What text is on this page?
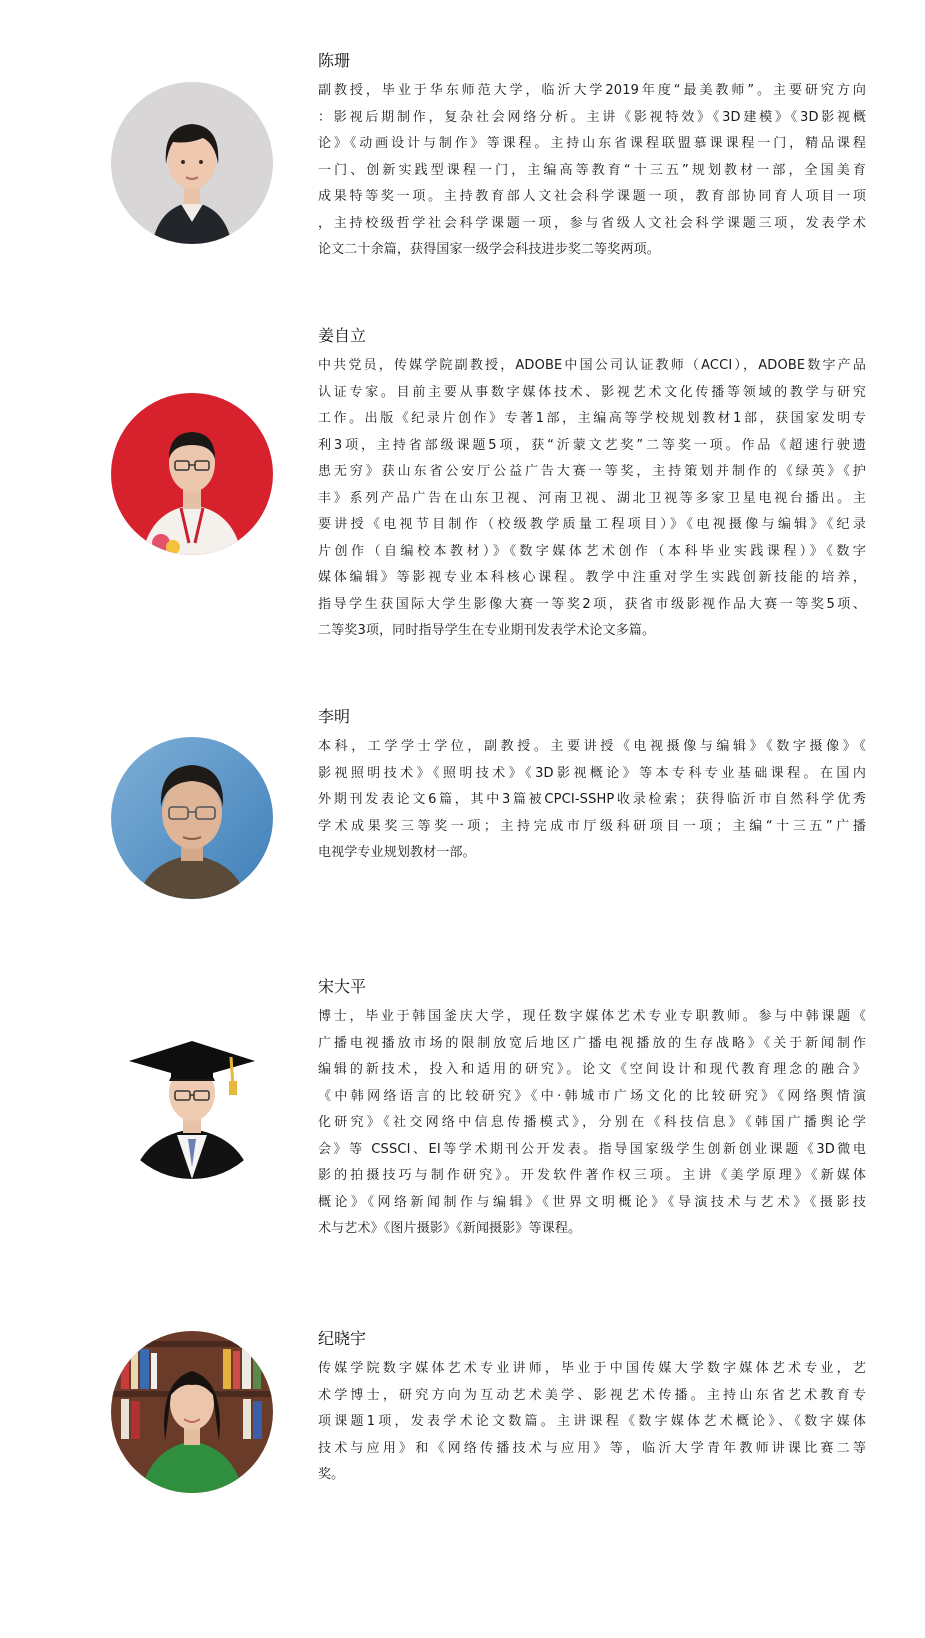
陈珊
副教授，毕业于华东师范大学，临沂大学2019年度“最美教师”。主要研究方向
：影视后期制作，复杂社会网络分析。主讲《影视特效》《3D建模》《3D影视概
论》《动画设计与制作》等课程。主持山东省课程联盟慕课课程一门，精品课程
一门、创新实践型课程一门，主编高等教育“十三五”规划教材一部，全国美育
成果特等奖一项。主持教育部人文社会科学课题一项，教育部协同育人项目一项
，主持校级哲学社会科学课题一项，参与省级人文社会科学课题三项，发表学术
论文二十余篇，获得国家一级学会科技进步奖二等奖两项。
姜自立
中共党员，传媒学院副教授，ADOBE中国公司认证教师（ACCI），ADOBE数字产品
认证专家。目前主要从事数字媒体技术、影视艺术文化传播等领域的教学与研究
工作。出版《纪录片创作》专著1部，主编高等学校规划教材1部，获国家发明专
利3项，主持省部级课题5项，获“沂蒙文艺奖”二等奖一项。作品《超速行驶遗
患无穷》获山东省公安厅公益广告大赛一等奖，主持策划并制作的《绿英》《护
丰》系列产品广告在山东卫视、河南卫视、湖北卫视等多家卫星电视台播出。主
要讲授《电视节目制作（校级教学质量工程项目）》《电视摄像与编辑》《纪录
片创作（自编校本教材）》《数字媒体艺术创作（本科毕业实践课程）》《数字
媒体编辑》等影视专业本科核心课程。教学中注重对学生实践创新技能的培养，
指导学生获国际大学生影像大赛一等奖2项，获省市级影视作品大赛一等奖5项、
二等奖3项，同时指导学生在专业期刊发表学术论文多篇。
李明
本科，工学学士学位，副教授。主要讲授《电视摄像与编辑》《数字摄像》《
影视照明技术》《照明技术》《3D影视概论》等本专科专业基础课程。在国内
外期刊发表论文6篇，其中3篇被CPCI-SSHP收录检索；获得临沂市自然科学优秀
学术成果奖三等奖一项；主持完成市厅级科研项目一项；主编“十三五”广播
电视学专业规划教材一部。
宋大平
博士，毕业于韩国釜庆大学，现任数字媒体艺术专业专职教师。参与中韩课题《
广播电视播放市场的限制放宽后地区广播电视播放的生存战略》《关于新闻制作
编辑的新技术，投入和适用的研究》。论文《空间设计和现代教育理念的融合》
《中韩网络语言的比较研究》《中·韩城市广场文化的比较研究》《网络舆情演
化研究》《社交网络中信息传播模式》，分别在《科技信息》《韩国广播舆论学
会》等 CSSCI、EI等学术期刊公开发表。指导国家级学生创新创业课题《3D微电
影的拍摄技巧与制作研究》。开发软件著作权三项。主讲《美学原理》《新媒体
概论》《网络新闻制作与编辑》《世界文明概论》《导演技术与艺术》《摄影技
术与艺术》《图片摄影》《新闻摄影》等课程。
纪晓宇
传媒学院数字媒体艺术专业讲师，毕业于中国传媒大学数字媒体艺术专业，艺
术学博士，研究方向为互动艺术美学、影视艺术传播。主持山东省艺术教育专
项课题1项，发表学术论文数篇。主讲课程《数字媒体艺术概论》、《数字媒体
技术与应用》和《网络传播技术与应用》等，临沂大学青年教师讲课比赛二等
奖。
